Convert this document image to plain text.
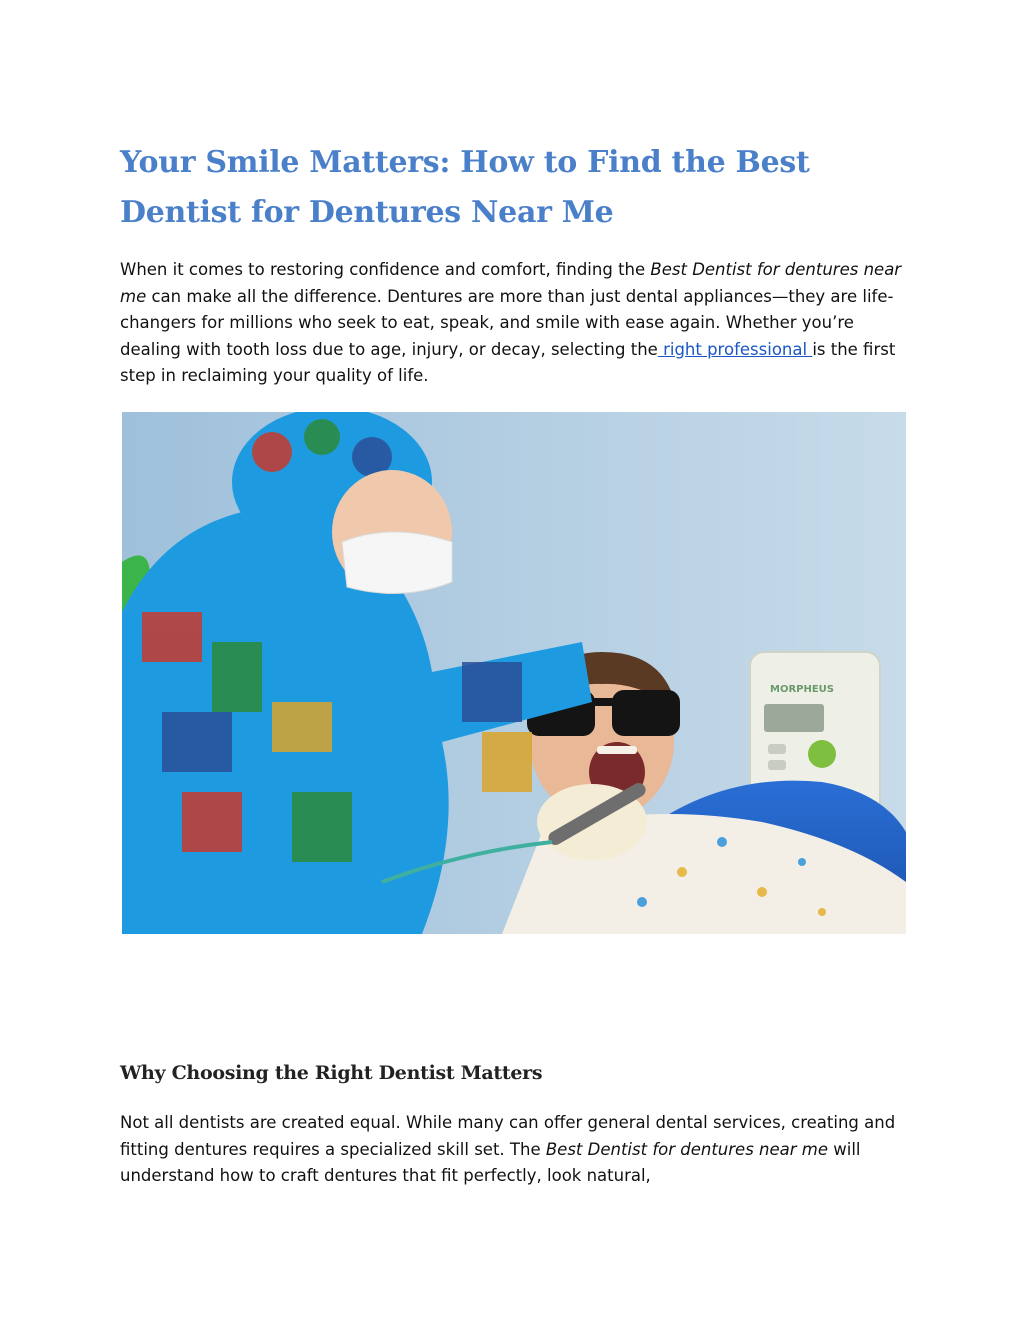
Your Smile Matters: How to Find the Best Dentist for Dentures Near Me

When it comes to restoring confidence and comfort, finding the Best Dentist for dentures near me can make all the difference. Dentures are more than just dental appliances—they are life-changers for millions who seek to eat, speak, and smile with ease again. Whether you’re dealing with tooth loss due to age, injury, or decay, selecting the right professional is the first step in reclaiming your quality of life.

MORPHEUS
Why Choosing the Right Dentist Matters

Not all dentists are created equal. While many can offer general dental services, creating and fitting dentures requires a specialized skill set. The Best Dentist for dentures near me will understand how to craft dentures that fit perfectly, look natural,
